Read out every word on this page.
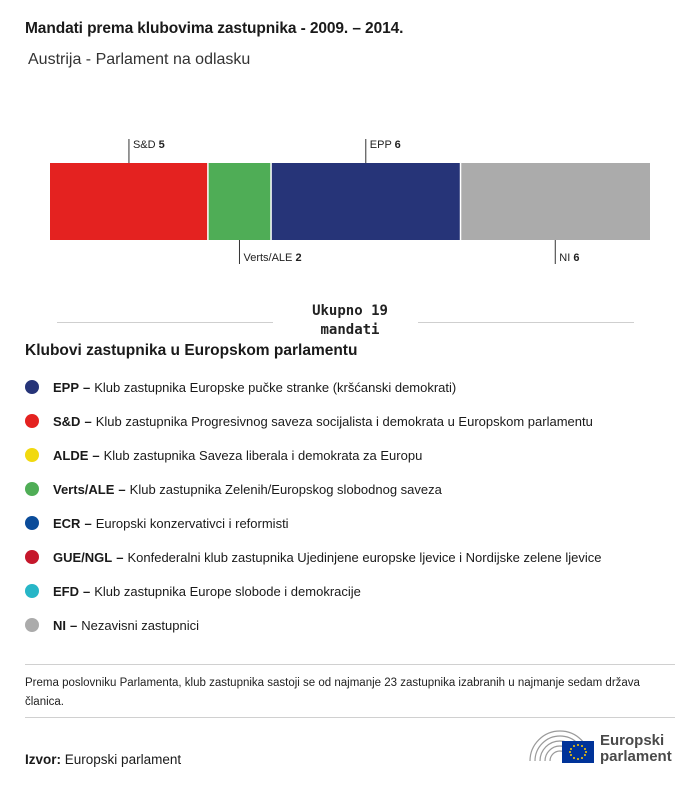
Mandati prema klubovima zastupnika - 2009. – 2014.
Austrija - Parlament na odlasku
S&D 5
Verts/ALE 2
EPP 6
NI 6
Ukupno 19 mandati
Klubovi zastupnika u Europskom parlamentu
EPP – Klub zastupnika Europske pučke stranke (kršćanski demokrati)
S&D – Klub zastupnika Progresivnog saveza socijalista i demokrata u Europskom parlamentu
ALDE – Klub zastupnika Saveza liberala i demokrata za Europu
Verts/ALE – Klub zastupnika Zelenih/Europskog slobodnog saveza
ECR – Europski konzervativci i reformisti
GUE/NGL – Konfederalni klub zastupnika Ujedinjene europske ljevice i Nordijske zelene ljevice
EFD – Klub zastupnika Europe slobode i demokracije
NI – Nezavisni zastupnici
Prema poslovniku Parlamenta, klub zastupnika sastoji se od najmanje 23 zastupnika izabranih u najmanje sedam država članica.
Izvor: Europski parlament
Europski
parlament
